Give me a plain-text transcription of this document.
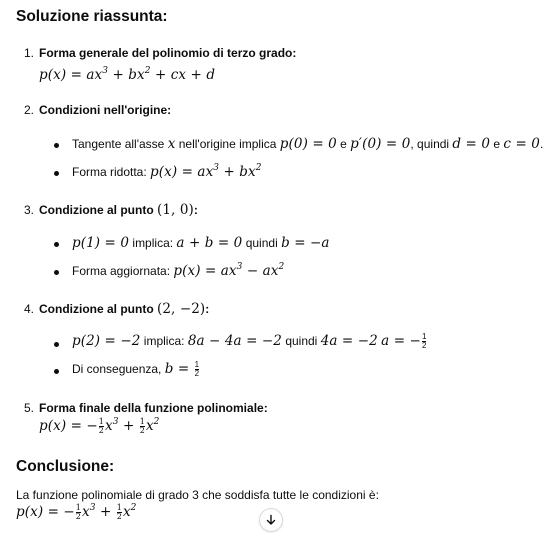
Soluzione riassunta:
1. Forma generale del polinomio di terzo grado:
$p(x) = ax^3 + bx^2$ + cx + d
2. Condizioni nell'origine:
Tangente all'asse x nell'origine implica p(0) = 0 e p′(0) = 0, quindi d = 0 e c = 0.
Forma ridotta: $p(x) = ax^3 + bx^2$
3. Condizione al punto (1, 0):
p(1) = 0 implica: a + b = 0 quindi b = −a
Forma aggiornata: $p(x) = ax^3 - ax^2$
4. Condizione al punto (2, −2):
p(2) = −2 implica: 8a − 4a = −2 quindi 4a = −2 a = − $\frac{1}{2}$
Di conseguenza, $b = \frac{1}{2}$
5. Forma finale della funzione polinomiale:
p(x) = − $\frac{1}{2} x^3 + \frac{1}{2} x^2$
Conclusione:
La funzione polinomiale di grado 3 che soddisfa tutte le condizioni è:
p(x) = − $\frac{1}{2} x^3 + \frac{1}{2} x^2$
